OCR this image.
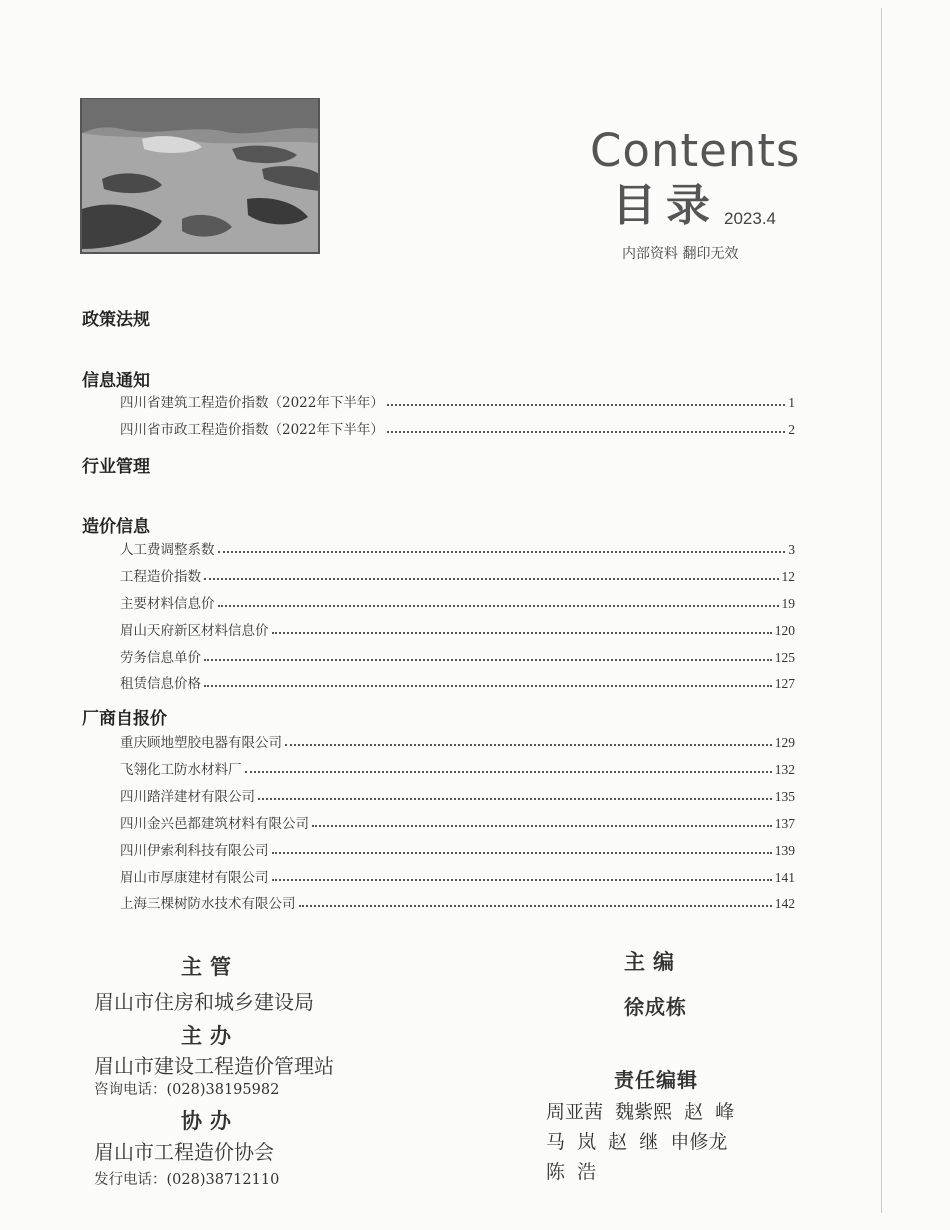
Contents
目录 2023.4
内部资料 翻印无效
政策法规
信息通知
四川省建筑工程造价指数（2022年下半年）	1
四川省市政工程造价指数（2022年下半年）	2
行业管理
造价信息
人工费调整系数	3
工程造价指数	12
主要材料信息价	19
眉山天府新区材料信息价	120
劳务信息单价	125
租赁信息价格	127
厂商自报价
重庆顾地塑胶电器有限公司	129
飞翎化工防水材料厂	132
四川踏洋建材有限公司	135
四川金兴邑都建筑材料有限公司	137
四川伊索利科技有限公司	139
眉山市厚康建材有限公司	141
上海三棵树防水技术有限公司	142
主管
眉山市住房和城乡建设局
主办
眉山市建设工程造价管理站
咨询电话：(028)38195982
协办
眉山市工程造价协会
发行电话：(028)38712110
主编
徐成栋
责任编辑
周亚茜  魏紫熙  赵  峰
马  岚  赵  继  申修龙
陈  浩
